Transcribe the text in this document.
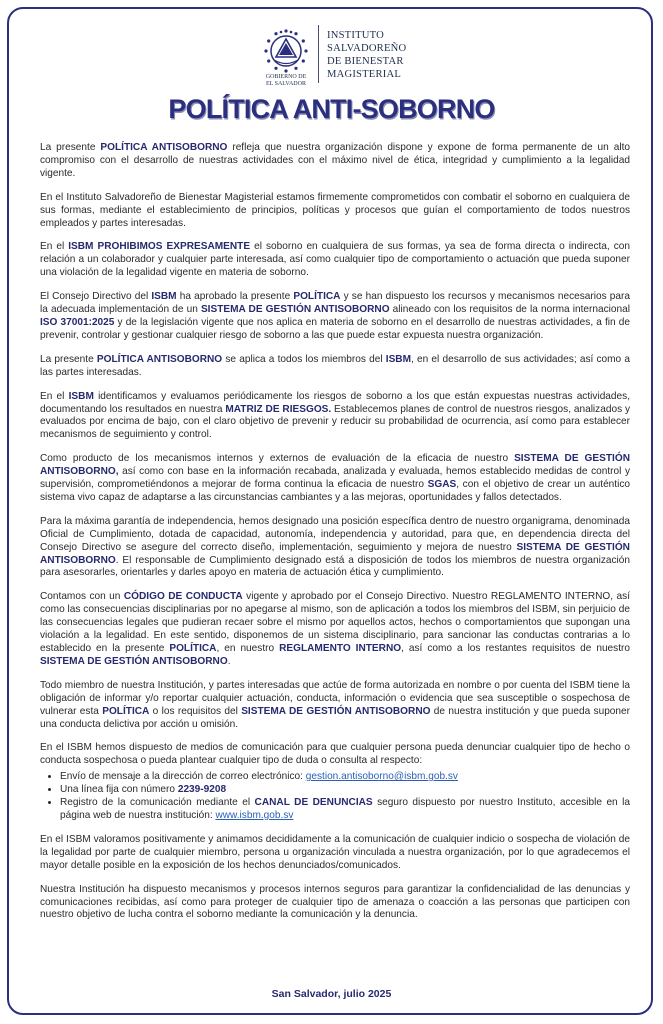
GOBIERNO DE
EL SALVADOR
INSTITUTO
SALVADOREÑO
DE BIENESTAR
MAGISTERIAL
POLÍTICA ANTI-SOBORNO

La presente POLÍTICA ANTISOBORNO refleja que nuestra organización dispone y expone de forma permanente de un alto compromiso con el desarrollo de nuestras actividades con el máximo nivel de ética, integridad y cumplimiento a la legalidad vigente.

En el Instituto Salvadoreño de Bienestar Magisterial estamos firmemente comprometidos con combatir el soborno en cualquiera de sus formas, mediante el establecimiento de principios, políticas y procesos que guían el comportamiento de todos nuestros empleados y partes interesadas.

En el ISBM PROHIBIMOS EXPRESAMENTE el soborno en cualquiera de sus formas, ya sea de forma directa o indirecta, con relación a un colaborador y cualquier parte interesada, así como cualquier tipo de comportamiento o actuación que pueda suponer una violación de la legalidad vigente en materia de soborno.

El Consejo Directivo del ISBM ha aprobado la presente POLÍTICA y se han dispuesto los recursos y mecanismos necesarios para la adecuada implementación de un SISTEMA DE GESTIÓN ANTISOBORNO alineado con los requisitos de la norma internacional ISO 37001:2025 y de la legislación vigente que nos aplica en materia de soborno en el desarrollo de nuestras actividades, a fin de prevenir, controlar y gestionar cualquier riesgo de soborno a las que puede estar expuesta nuestra organización.

La presente POLÍTICA ANTISOBORNO se aplica a todos los miembros del ISBM, en el desarrollo de sus actividades; así como a las partes interesadas.

En el ISBM identificamos y evaluamos periódicamente los riesgos de soborno a los que están expuestas nuestras actividades, documentando los resultados en nuestra MATRIZ DE RIESGOS. Establecemos planes de control de nuestros riesgos, analizados y evaluados por encima de bajo, con el claro objetivo de prevenir y reducir su probabilidad de ocurrencia, así como para establecer mecanismos de seguimiento y control.

Como producto de los mecanismos internos y externos de evaluación de la eficacia de nuestro SISTEMA DE GESTIÓN ANTISOBORNO, así como con base en la información recabada, analizada y evaluada, hemos establecido medidas de control y supervisión, comprometiéndonos a mejorar de forma continua la eficacia de nuestro SGAS, con el objetivo de crear un auténtico sistema vivo capaz de adaptarse a las circunstancias cambiantes y a las mejoras, oportunidades y fallos detectados.

Para la máxima garantía de independencia, hemos designado una posición específica dentro de nuestro organigrama, denominada Oficial de Cumplimiento, dotada de capacidad, autonomía, independencia y autoridad, para que, en dependencia directa del Consejo Directivo se asegure del correcto diseño, implementación, seguimiento y mejora de nuestro SISTEMA DE GESTIÓN ANTISOBORNO. El responsable de Cumplimiento designado está a disposición de todos los miembros de nuestra organización para asesorarles, orientarles y darles apoyo en materia de actuación ética y cumplimiento.

Contamos con un CÓDIGO DE CONDUCTA vigente y aprobado por el Consejo Directivo. Nuestro REGLAMENTO INTERNO, así como las consecuencias disciplinarias por no apegarse al mismo, son de aplicación a todos los miembros del ISBM, sin perjuicio de las consecuencias legales que pudieran recaer sobre el mismo por aquellos actos, hechos o comportamientos que supongan una violación a la legalidad. En este sentido, disponemos de un sistema disciplinario, para sancionar las conductas contrarias a lo establecido en la presente POLÍTICA, en nuestro REGLAMENTO INTERNO, así como a los restantes requisitos de nuestro SISTEMA DE GESTIÓN ANTISOBORNO.

Todo miembro de nuestra Institución, y partes interesadas que actúe de forma autorizada en nombre o por cuenta del ISBM tiene la obligación de informar y/o reportar cualquier actuación, conducta, información o evidencia que sea susceptible o sospechosa de vulnerar esta POLÍTICA o los requisitos del SISTEMA DE GESTIÓN ANTISOBORNO de nuestra institución y que pueda suponer una conducta delictiva por acción u omisión.

En el ISBM hemos dispuesto de medios de comunicación para que cualquier persona pueda denunciar cualquier tipo de hecho o conducta sospechosa o pueda plantear cualquier tipo de duda o consulta al respecto:

• Envío de mensaje a la dirección de correo electrónico: gestion.antisoborno@isbm.gob.sv
• Una línea fija con número 2239-9208
• Registro de la comunicación mediante el CANAL DE DENUNCIAS seguro dispuesto por nuestro Instituto, accesible en la página web de nuestra institución: www.isbm.gob.sv

En el ISBM valoramos positivamente y animamos decididamente a la comunicación de cualquier indicio o sospecha de violación de la legalidad por parte de cualquier miembro, persona u organización vinculada a nuestra organización, por lo que agradecemos el mayor detalle posible en la exposición de los hechos denunciados/comunicados.

Nuestra Institución ha dispuesto mecanismos y procesos internos seguros para garantizar la confidencialidad de las denuncias y comunicaciones recibidas, así como para proteger de cualquier tipo de amenaza o coacción a las personas que participen con nuestro objetivo de lucha contra el soborno mediante la comunicación y la denuncia.

San Salvador, julio 2025
